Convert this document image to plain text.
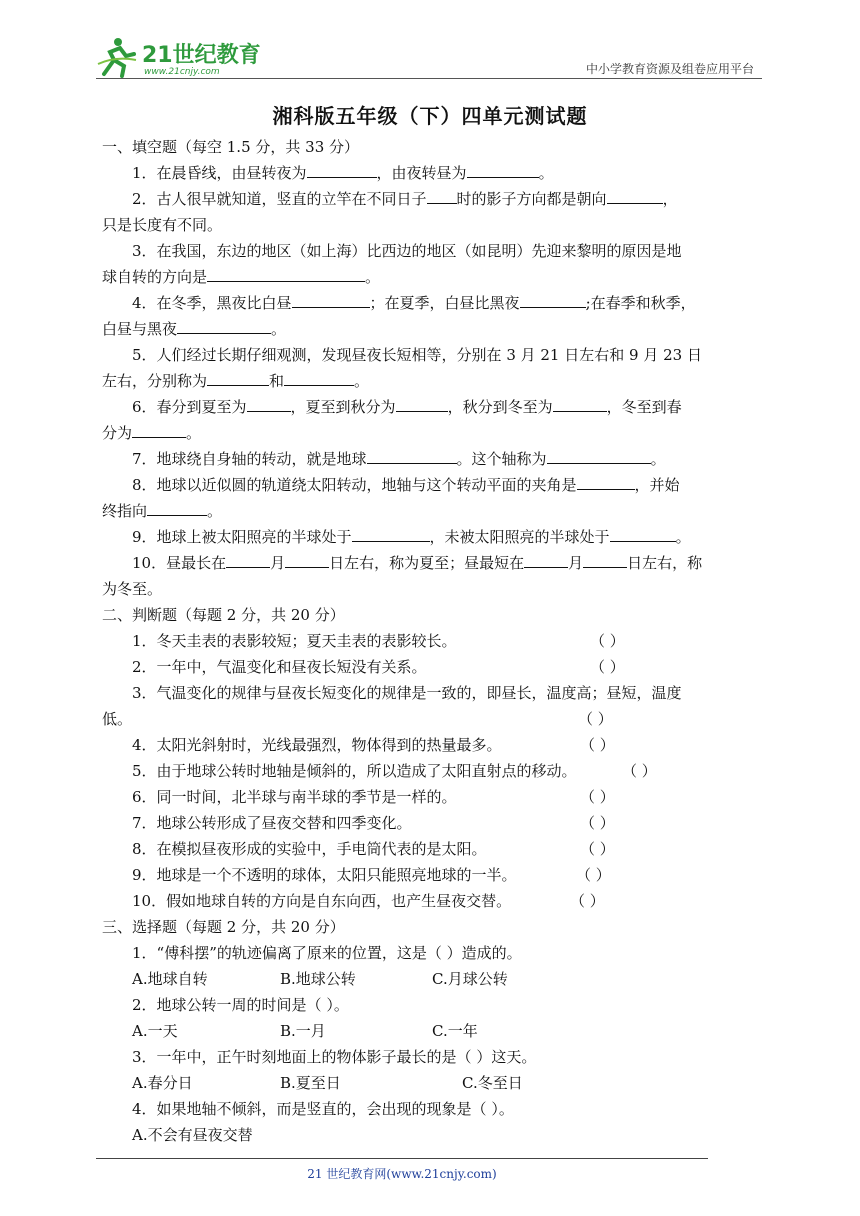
21世纪教育
www.21cnjy.com	中小学教育资源及组卷应用平台
湘科版五年级（下）四单元测试题
一、填空题（每空 1.5 分，共 33 分）
1．在晨昏线，由昼转夜为	，由夜转昼为	。
2．古人很早就知道，竖直的立竿在不同日子 时的影子方向都是朝向	，
只是长度有不同。
3．在我国，东边的地区（如上海）比西边的地区（如昆明）先迎来黎明的原因是地
球自转的方向是	。
4．在冬季，黑夜比白昼	；在夏季，白昼比黑夜	;在春季和秋季，
白昼与黑夜	。
5．人们经过长期仔细观测，发现昼夜长短相等，分别在 3 月 21 日左右和 9 月 23 日
左右，分别称为	和	。
6．春分到夏至为	，夏至到秋分为	，秋分到冬至为	，冬至到春
分为	。
7．地球绕自身轴的转动，就是地球	。这个轴称为	。
8．地球以近似圆的轨道绕太阳转动，地轴与这个转动平面的夹角是	，并始
终指向	。
9．地球上被太阳照亮的半球处于	，未被太阳照亮的半球处于	。
10．昼最长在	月	日左右，称为夏至；昼最短在	月	日左右，称
为冬至。
二、判断题（每题 2 分，共 20 分）
1．冬天圭表的表影较短；夏天圭表的表影较长。	（ ）
2．一年中，气温变化和昼夜长短没有关系。	（ ）
3．气温变化的规律与昼夜长短变化的规律是一致的，即昼长，温度高；昼短，温度
低。	（ ）
4．太阳光斜射时，光线最强烈，物体得到的热量最多。	（ ）
5．由于地球公转时地轴是倾斜的，所以造成了太阳直射点的移动。	（ ）
6．同一时间，北半球与南半球的季节是一样的。	（ ）
7．地球公转形成了昼夜交替和四季变化。	（ ）
8．在模拟昼夜形成的实验中，手电筒代表的是太阳。	（ ）
9．地球是一个不透明的球体，太阳只能照亮地球的一半。	（ ）
10．假如地球自转的方向是自东向西，也产生昼夜交替。	（ ）
三、选择题（每题 2 分，共 20 分）
1．“傅科摆”的轨迹偏离了原来的位置，这是（ ）造成的。
A.地球自转	B.地球公转	C.月球公转
2．地球公转一周的时间是（ ）。
A.一天	B.一月	C.一年
3．一年中，正午时刻地面上的物体影子最长的是（ ）这天。
A.春分日	B.夏至日	C.冬至日
4．如果地轴不倾斜，而是竖直的，会出现的现象是（ ）。
A.不会有昼夜交替
21 世纪教育网(www.21cnjy.com)
